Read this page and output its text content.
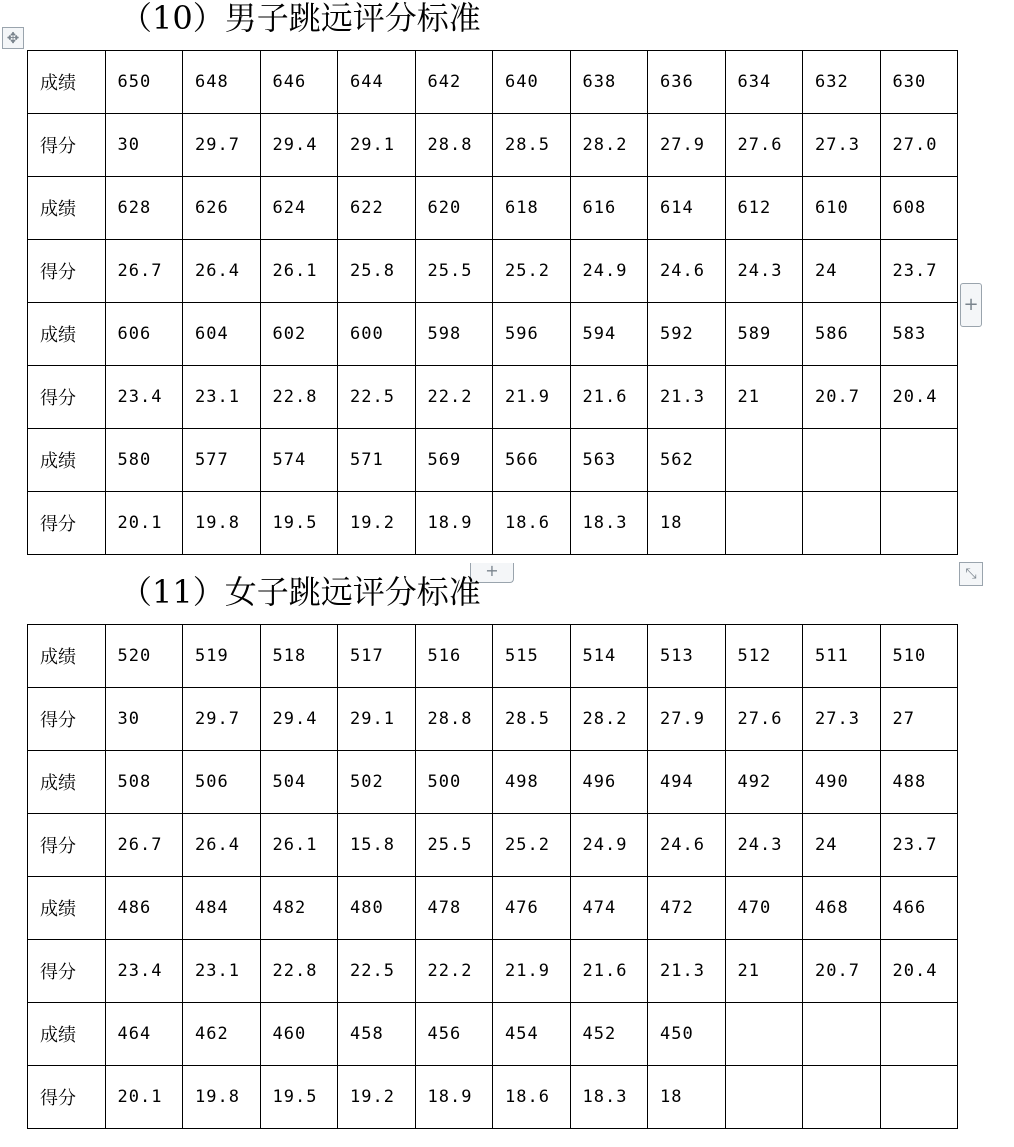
（10）男子跳远评分标准
✥
成绩	650	648	646	644	642	640	638	636	634	632	630
得分	30	29.7	29.4	29.1	28.8	28.5	28.2	27.9	27.6	27.3	27.0
成绩	628	626	624	622	620	618	616	614	612	610	608
得分	26.7	26.4	26.1	25.8	25.5	25.2	24.9	24.6	24.3	24	23.7
成绩	606	604	602	600	598	596	594	592	589	586	583
得分	23.4	23.1	22.8	22.5	22.2	21.9	21.6	21.3	21	20.7	20.4
成绩	580	577	574	571	569	566	563	562			
得分	20.1	19.8	19.5	19.2	18.9	18.6	18.3	18			
+
+	⤡
（11）女子跳远评分标准
成绩	520	519	518	517	516	515	514	513	512	511	510
得分	30	29.7	29.4	29.1	28.8	28.5	28.2	27.9	27.6	27.3	27
成绩	508	506	504	502	500	498	496	494	492	490	488
得分	26.7	26.4	26.1	15.8	25.5	25.2	24.9	24.6	24.3	24	23.7
成绩	486	484	482	480	478	476	474	472	470	468	466
得分	23.4	23.1	22.8	22.5	22.2	21.9	21.6	21.3	21	20.7	20.4
成绩	464	462	460	458	456	454	452	450			
得分	20.1	19.8	19.5	19.2	18.9	18.6	18.3	18			
